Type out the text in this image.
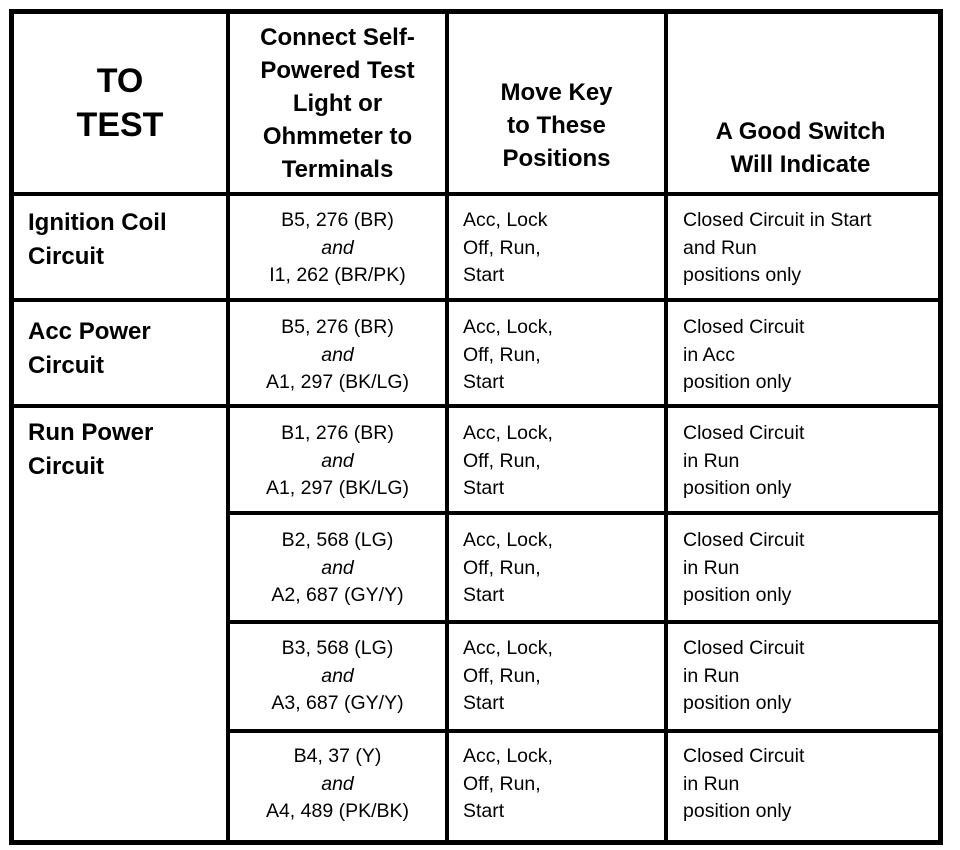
TO
TEST
Connect Self-
Powered Test
Light or
Ohmmeter to
Terminals
Move Key
to These
Positions
A Good Switch
Will Indicate
Ignition Coil
Circuit
Acc Power
Circuit
Run Power
Circuit
B5, 276 (BR)
and
I1, 262 (BR/PK)
Acc, Lock
Off, Run,
Start
Closed Circuit in Start
and Run
positions only
B5, 276 (BR)
and
A1, 297 (BK/LG)
Acc, Lock,
Off, Run,
Start
Closed Circuit
in Acc
position only
B1, 276 (BR)
and
A1, 297 (BK/LG)
Acc, Lock,
Off, Run,
Start
Closed Circuit
in Run
position only
B2, 568 (LG)
and
A2, 687 (GY/Y)
Acc, Lock,
Off, Run,
Start
Closed Circuit
in Run
position only
B3, 568 (LG)
and
A3, 687 (GY/Y)
Acc, Lock,
Off, Run,
Start
Closed Circuit
in Run
position only
B4, 37 (Y)
and
A4, 489 (PK/BK)
Acc, Lock,
Off, Run,
Start
Closed Circuit
in Run
position only
